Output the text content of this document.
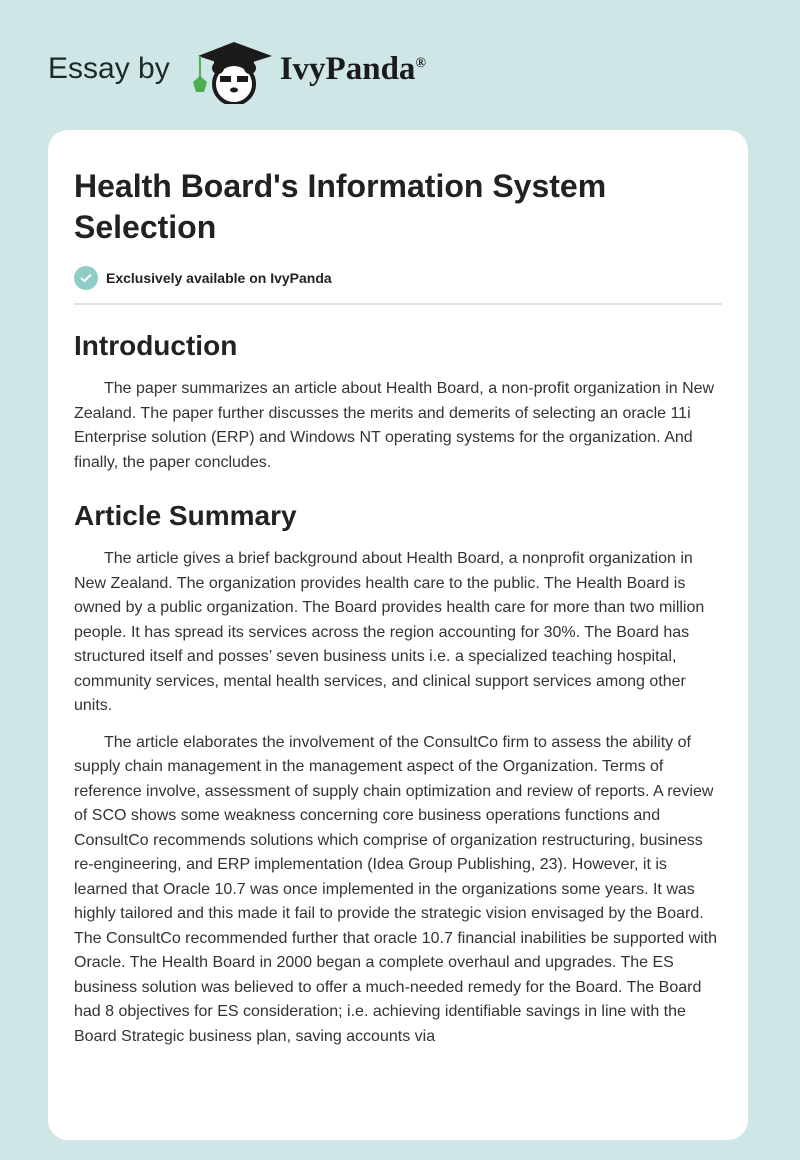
Essay by	IvyPanda®
Health Board's Information System Selection
Exclusively available on IvyPanda
Introduction

The paper summarizes an article about Health Board, a non-profit organization in New Zealand. The paper further discusses the merits and demerits of selecting an oracle 11i Enterprise solution (ERP) and Windows NT operating systems for the organization. And finally, the paper concludes.

Article Summary

The article gives a brief background about Health Board, a nonprofit organization in New Zealand. The organization provides health care to the public. The Health Board is owned by a public organization. The Board provides health care for more than two million people. It has spread its services across the region accounting for 30%. The Board has structured itself and posses’ seven business units i.e. a specialized teaching hospital, community services, mental health services, and clinical support services among other units.

The article elaborates the involvement of the ConsultCo firm to assess the ability of supply chain management in the management aspect of the Organization. Terms of reference involve, assessment of supply chain optimization and review of reports. A review of SCO shows some weakness concerning core business operations functions and ConsultCo recommends solutions which comprise of organization restructuring, business re-engineering, and ERP implementation (Idea Group Publishing, 23). However, it is learned that Oracle 10.7 was once implemented in the organizations some years. It was highly tailored and this made it fail to provide the strategic vision envisaged by the Board. The ConsultCo recommended further that oracle 10.7 financial inabilities be supported with Oracle. The Health Board in 2000 began a complete overhaul and upgrades. The ES business solution was believed to offer a much-needed remedy for the Board. The Board had 8 objectives for ES consideration; i.e. achieving identifiable savings in line with the Board Strategic business plan, saving accounts via
